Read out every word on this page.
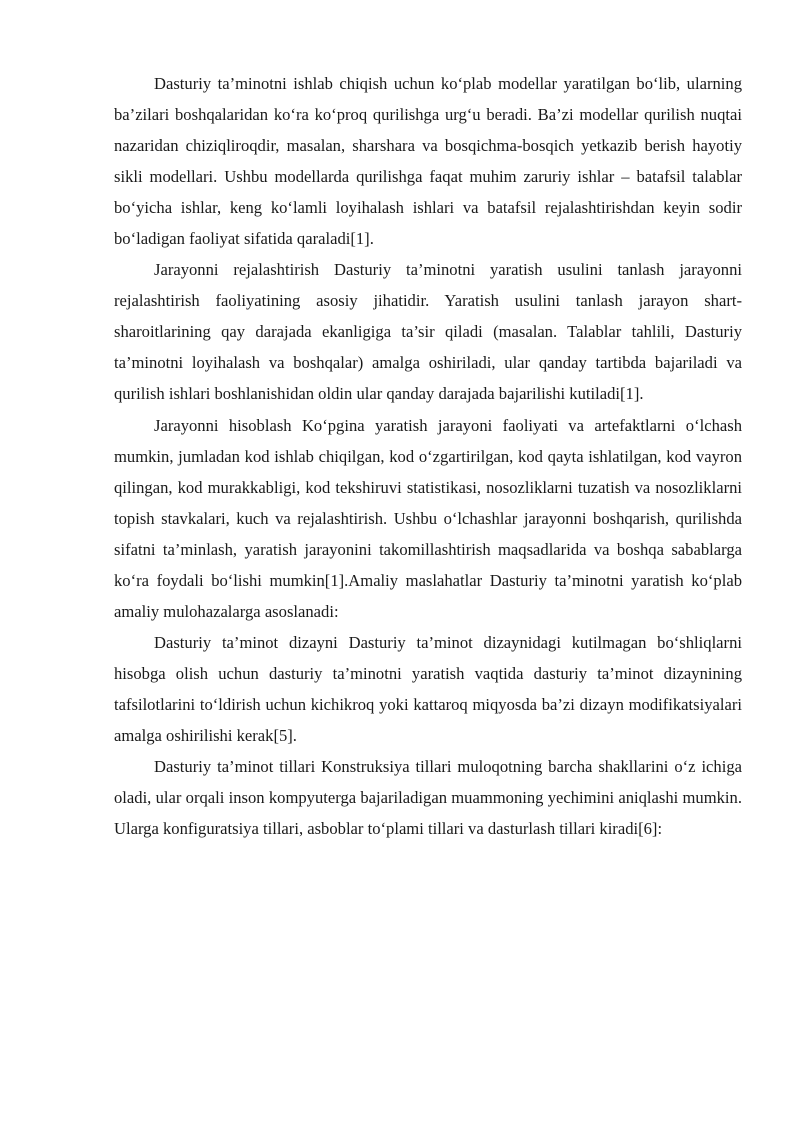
Dasturiy ta’minotni ishlab chiqish uchun ko‘plab modellar yaratilgan bo‘lib, ularning ba’zilari boshqalaridan ko‘ra ko‘proq qurilishga urg‘u beradi. Ba’zi modellar qurilish nuqtai nazaridan chiziqliroqdir, masalan, sharshara va bosqichma-bosqich yetkazib berish hayotiy sikli modellari. Ushbu modellarda qurilishga faqat muhim zaruriy ishlar – batafsil talablar bo‘yicha ishlar, keng ko‘lamli loyihalash ishlari va batafsil rejalashtirishdan keyin sodir bo‘ladigan faoliyat sifatida qaraladi[1].

Jarayonni rejalashtirish Dasturiy ta’minotni yaratish usulini tanlash jarayonni rejalashtirish faoliyatining asosiy jihatidir. Yaratish usulini tanlash jarayon shart-sharoitlarining qay darajada ekanligiga ta’sir qiladi (masalan. Talablar tahlili, Dasturiy ta’minotni loyihalash va boshqalar) amalga oshiriladi, ular qanday tartibda bajariladi va qurilish ishlari boshlanishidan oldin ular qanday darajada bajarilishi kutiladi[1].

Jarayonni hisoblash Ko‘pgina yaratish jarayoni faoliyati va artefaktlarni o‘lchash mumkin, jumladan kod ishlab chiqilgan, kod o‘zgartirilgan, kod qayta ishlatilgan, kod vayron qilingan, kod murakkabligi, kod tekshiruvi statistikasi, nosozliklarni tuzatish va nosozliklarni topish stavkalari, kuch va rejalashtirish. Ushbu o‘lchashlar jarayonni boshqarish, qurilishda sifatni ta’minlash, yaratish jarayonini takomillashtirish maqsadlarida va boshqa sabablarga ko‘ra foydali bo‘lishi mumkin[1].Amaliy maslahatlar Dasturiy ta’minotni yaratish ko‘plab amaliy mulohazalarga asoslanadi:

Dasturiy ta’minot dizayni Dasturiy ta’minot dizaynidagi kutilmagan bo‘shliqlarni hisobga olish uchun dasturiy ta’minotni yaratish vaqtida dasturiy ta’minot dizaynining tafsilotlarini to‘ldirish uchun kichikroq yoki kattaroq miqyosda ba’zi dizayn modifikatsiyalari amalga oshirilishi kerak[5].

Dasturiy ta’minot tillari Konstruksiya tillari muloqotning barcha shakllarini o‘z ichiga oladi, ular orqali inson kompyuterga bajariladigan muammoning yechimini aniqlashi mumkin. Ularga konfiguratsiya tillari, asboblar to‘plami tillari va dasturlash tillari kiradi[6]:
